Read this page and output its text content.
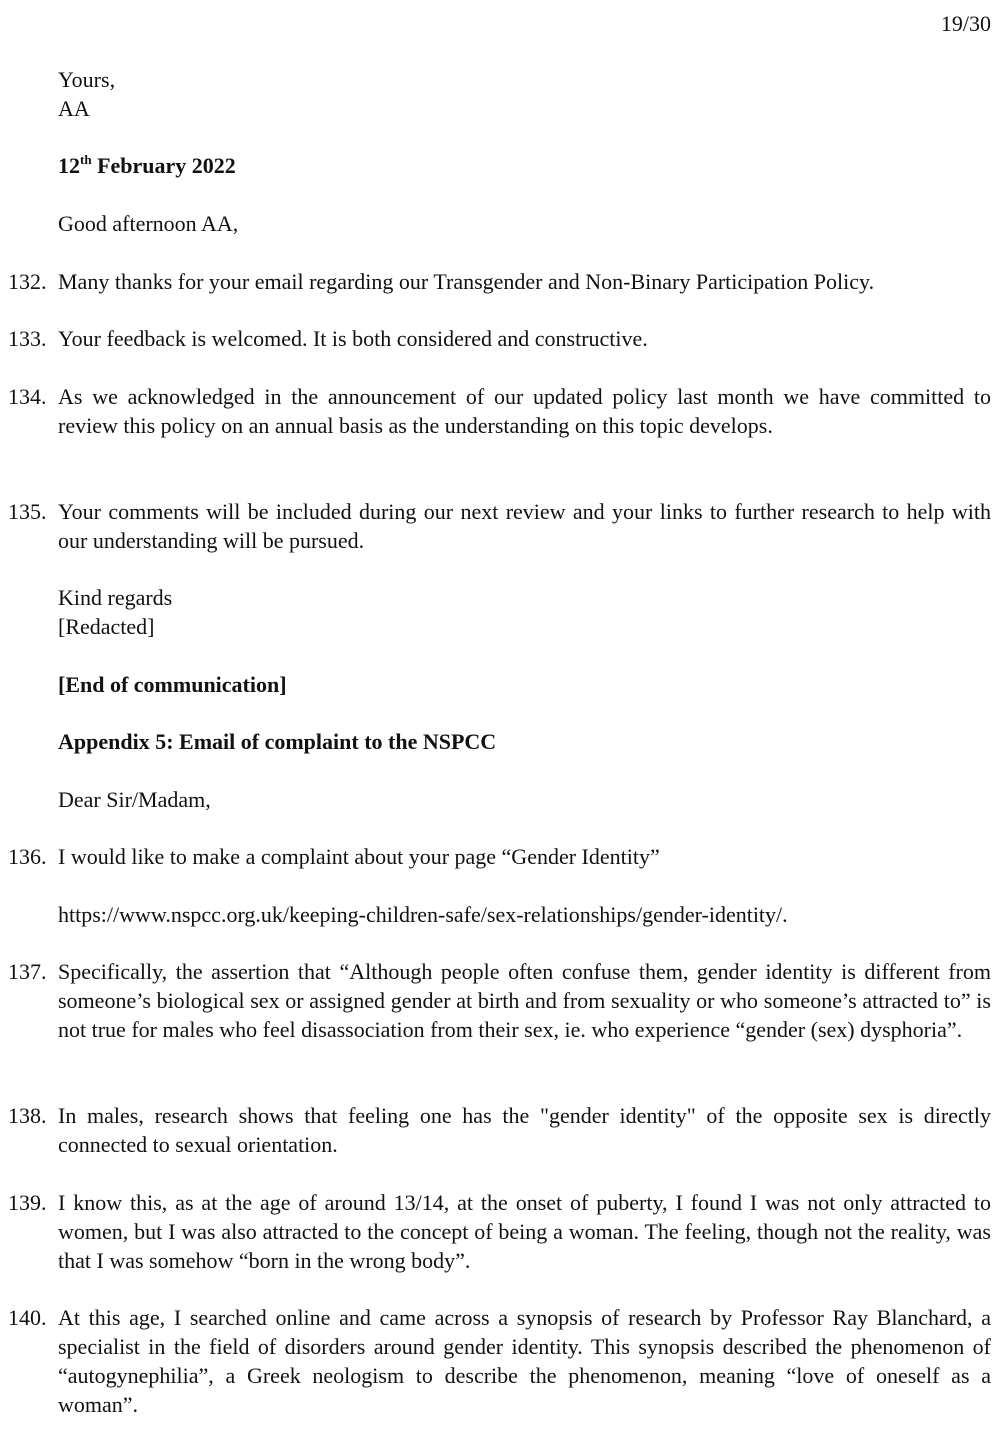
19/30
Yours,
AA
12th February 2022
Good afternoon AA,
132. Many thanks for your email regarding our Transgender and Non-Binary Participation Policy.
133. Your feedback is welcomed. It is both considered and constructive.
134. As we acknowledged in the announcement of our updated policy last month we have committed to review this policy on an annual basis as the understanding on this topic develops.
135. Your comments will be included during our next review and your links to further research to help with our understanding will be pursued.
Kind regards
[Redacted]
[End of communication]
Appendix 5: Email of complaint to the NSPCC
Dear Sir/Madam,
136. I would like to make a complaint about your page “Gender Identity”
https://www.nspcc.org.uk/keeping-children-safe/sex-relationships/gender-identity/.
137. Specifically, the assertion that “Although people often confuse them, gender identity is different from someone’s biological sex or assigned gender at birth and from sexuality or who someone’s attracted to” is not true for males who feel disassociation from their sex, ie. who experience “gender (sex) dysphoria”.
138. In males, research shows that feeling one has the "gender identity" of the opposite sex is directly connected to sexual orientation.
139. I know this, as at the age of around 13/14, at the onset of puberty, I found I was not only attracted to women, but I was also attracted to the concept of being a woman. The feeling, though not the reality, was that I was somehow “born in the wrong body”.
140. At this age, I searched online and came across a synopsis of research by Professor Ray Blanchard, a specialist in the field of disorders around gender identity. This synopsis described the phenomenon of “autogynephilia”, a Greek neologism to describe the phenomenon, meaning “love of oneself as a woman”.
